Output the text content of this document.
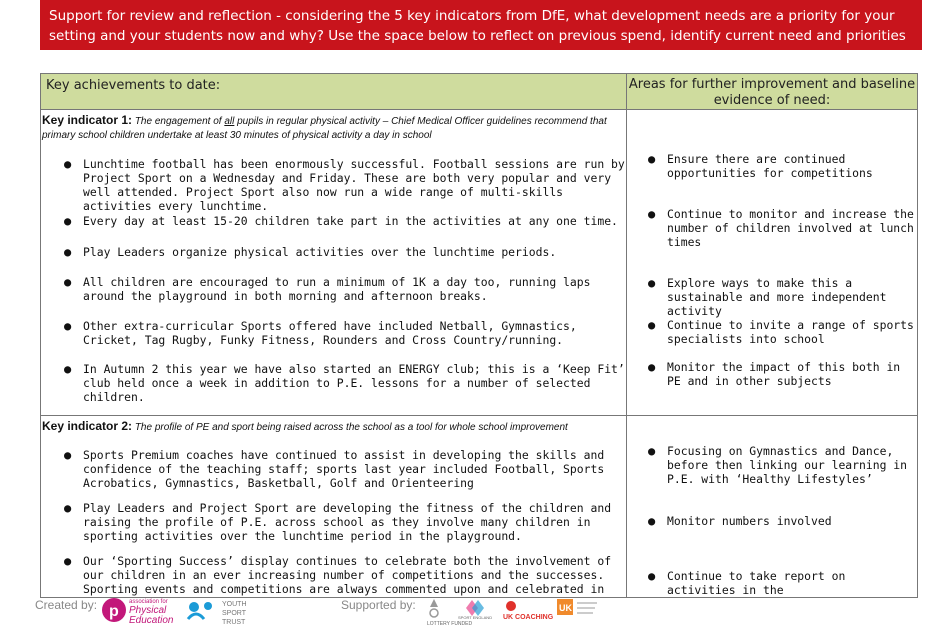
Support for review and reflection - considering the 5 key indicators from DfE, what development needs are a priority for your setting and your students now and why? Use the space below to reflect on previous spend, identify current need and priorities for the future.
Key achievements to date:	Areas for further improvement and baseline evidence of need:
Key indicator 1: The engagement of all pupils in regular physical activity – Chief Medical Officer guidelines recommend that primary school children undertake at least 30 minutes of physical activity a day in school
● Lunchtime football has been enormously successful. Football sessions are run by Project Sport on a Wednesday and Friday. These are both very popular and very well attended. Project Sport also now run a wide range of multi-skills activities every lunchtime.
● Every day at least 15-20 children take part in the activities at any one time.
● Play Leaders organize physical activities over the lunchtime periods.
● All children are encouraged to run a minimum of 1K a day too, running laps around the playground in both morning and afternoon breaks.
● Other extra-curricular Sports offered have included Netball, Gymnastics, Cricket, Tag Rugby, Funky Fitness, Rounders and Cross Country/running.
● In Autumn 2 this year we have also started an ENERGY club; this is a ‘Keep Fit’ club held once a week in addition to P.E. lessons for a number of selected children.
● Ensure there are continued opportunities for competitions
● Continue to monitor and increase the number of children involved at lunch times
● Explore ways to make this a sustainable and more independent activity
● Continue to invite a range of sports specialists into school
● Monitor the impact of this both in PE and in other subjects
Key indicator 2: The profile of PE and sport being raised across the school as a tool for whole school improvement
● Sports Premium coaches have continued to assist in developing the skills and confidence of the teaching staff; sports last year included Football, Sports Acrobatics, Gymnastics, Basketball, Golf and Orienteering
● Play Leaders and Project Sport are developing the fitness of the children and raising the profile of P.E. across school as they involve many children in sporting activities over the lunchtime period in the playground.
● Our ‘Sporting Success’ display continues to celebrate both the involvement of our children in an ever increasing number of competitions and the successes. Sporting events and competitions are always commented upon and celebrated in
● Focusing on Gymnastics and Dance, before then linking our learning in P.E. with ‘Healthy Lifestyles’
● Monitor numbers involved
● Continue to take report on activities in the
Created by: p
association for
Physical
Education
YOUTH
SPORT
TRUST
Supported by:
LOTTERY FUNDED
SPORT ENGLAND UK COACHING
UK
